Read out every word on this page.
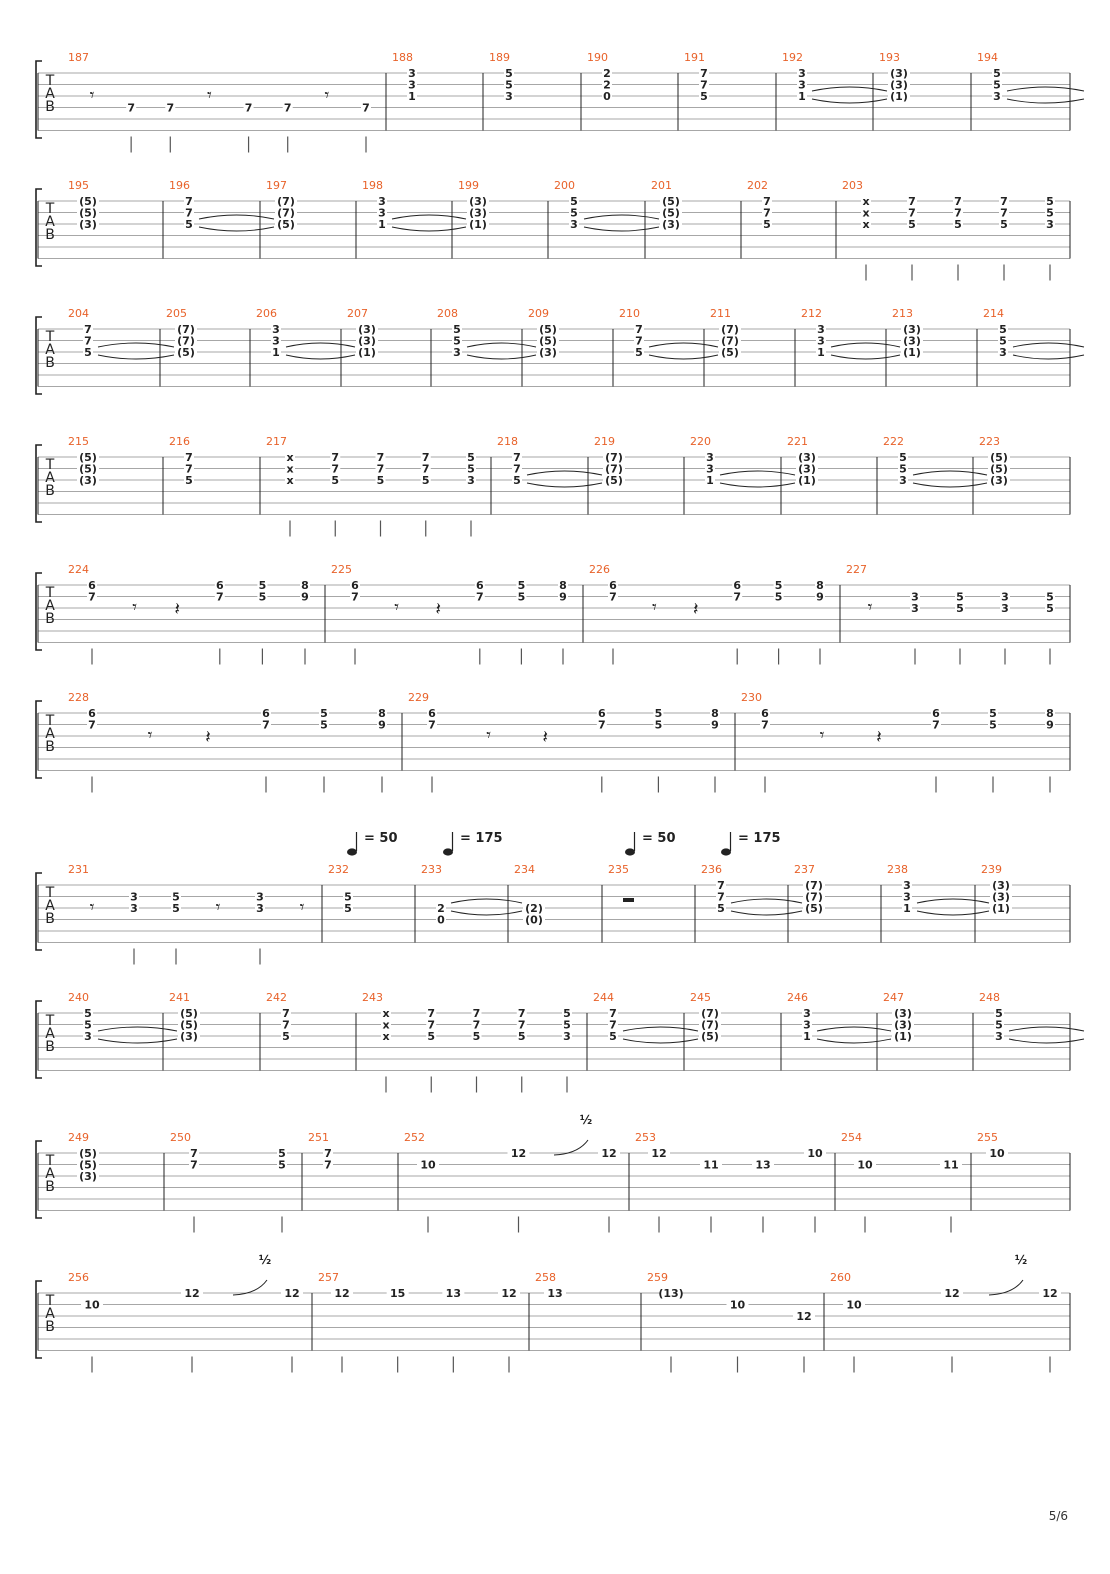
T
A
B
187
𝄾
7	7
𝄾
7	7
𝄾
7
188
3
3
1
189
5
5
3
190
2
2
0
191
7
7
5
192
3
3
1
193
(3)
(3)
(1)
194
5
5
3
T
A
B
195
(5)
(5)
(3)
196
7
7
5
197
(7)
(7)
(5)
198
3
3
1
199
(3)
(3)
(1)
200
5
5
3
201
(5)
(5)
(3)
202
7
7
5
203
x
x
x
7
7
5
7
7
5
7
7
5
5
5
3
T
A
B
204
7
7
5
205
(7)
(7)
(5)
206
3
3
1
207
(3)
(3)
(1)
208
5
5
3
209
(5)
(5)
(3)
210
7
7
5
211
(7)
(7)
(5)
212
3
3
1
213
(3)
(3)
(1)
214
5
5
3
T
A
B
215
(5)
(5)
(3)
216
7
7
5
217
x
x
x
7
7
5
7
7
5
7
7
5
5
5
3
218
7
7
5
219
(7)
(7)
(5)
220
3
3
1
221
(3)
(3)
(1)
222
5
5
3
223
(5)
(5)
(3)
T
A
B
224
6
7 𝄾 𝄽
6
7
5
5
8
9
225
6
7 𝄾 𝄽
6
7
5
5
8
9
226
6
7 𝄾 𝄽
6
7
5
5
8
9
227
𝄾	3
3
5
5
3
3
5
5
T
A
B
228
6
7	𝄾	𝄽
6
7
5
5
8
9
229
6
7	𝄾	𝄽
6
7
5
5
8
9
230
6
7	𝄾	𝄽
6
7
5
5
8
9
T
A
B
231
𝄾	3
3
5
5 𝄾	3
3 𝄾
232
5
5
233
2
0
234
(2)
(0)
235	236
7
7
5
237
(7)
(7)
(5)
238
3
3
1
239
(3)
(3)
(1)
T
A
B
240
5
5
3
241
(5)
(5)
(3)
242
7
7
5
243
x
x
x
7
7
5
7
7
5
7
7
5
5
5
3
244
7
7
5
245
(7)
(7)
(5)
246
3
3
1
247
(3)
(3)
(1)
248
5
5
3
T
A
B
249
(5)
(5)
(3)
250
7
7
5
5
251
7
7
252
10
12	12
253
12
11	13
10
254
10	11
255
10
T
A
B
256
10
12	12
257
12	15	13	12
258
13
259
(13)
10
12
260
10
12	12
= 50	= 175	= 50	= 175
½
½	½
5/6
